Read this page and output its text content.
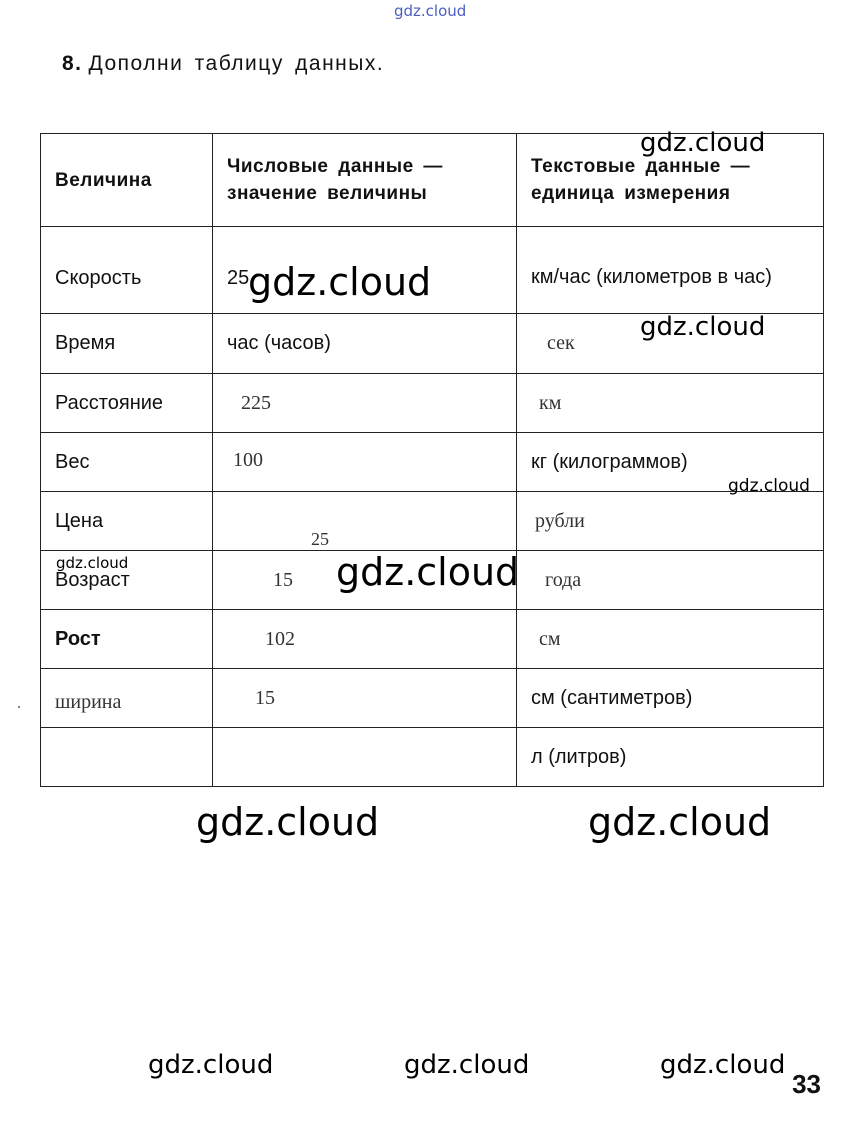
gdz.cloud
8. Дополни таблицу данных.
Величина	Числовые данные — значение величины	Текстовые данные — единица измерения
Скорость	25	км/час (километров в час)
Время	час (часов)	сек
Расстояние	225	км
Вес	100	кг (килограммов)
Цена	25	рубли
Возраст	15	года
Рост	102	см
ширина	15	см (сантиметров)
		л (литров)
gdz.cloud
gdz.cloud
gdz.cloud
gdz.cloud
gdz.cloud	gdz.cloud
gdz.cloud	gdz.cloud
gdz.cloud	gdz.cloud	gdz.cloud
33
